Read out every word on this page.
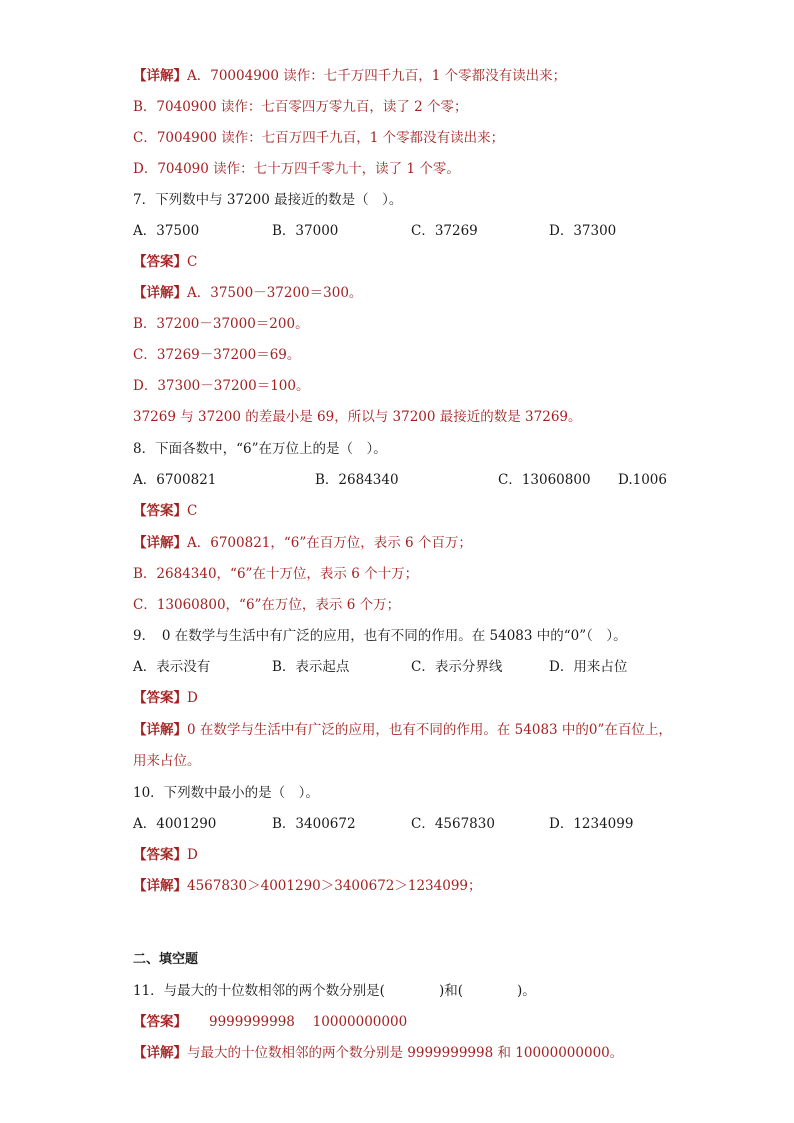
【详解】A．70004900 读作：七千万四千九百，1 个零都没有读出来；
B．7040900 读作：七百零四万零九百，读了 2 个零；
C．7004900 读作：七百万四千九百，1 个零都没有读出来；
D．704090 读作：七十万四千零九十，读了 1 个零。
7．下列数中与 37200 最接近的数是（　）。
A．37500	B．37000	C．37269	D．37300
【答案】C
【详解】A．37500－37200＝300。
B．37200－37000＝200。
C．37269－37200＝69。
D．37300－37200＝100。
37269 与 37200 的差最小是 69，所以与 37200 最接近的数是 37269。
8．下面各数中，“6”在万位上的是（　）。
A．6700821	B．2684340	C．13060800 D.1006
【答案】C
【详解】A．6700821，“6”在百万位，表示 6 个百万；
B．2684340，“6”在十万位，表示 6 个十万；
C．13060800，“6”在万位，表示 6 个万；
9．　0 在数学与生活中有广泛的应用，也有不同的作用。在 54083 中的“0”（　）。
A．表示没有	B．表示起点	C．表示分界线	D．用来占位
【答案】D
【详解】0 在数学与生活中有广泛的应用，也有不同的作用。在 54083 中的0”在百位上，
用来占位。
10．下列数中最小的是（　）。
A．4001290	B．3400672	C．4567830	D．1234099
【答案】D
【详解】4567830＞4001290＞3400672＞1234099；
二、填空题
11．与最大的十位数相邻的两个数分别是(　　　　)和(　　　　)。
【答案】 9999999998　 10000000000
【详解】与最大的十位数相邻的两个数分别是 9999999998 和 10000000000。
